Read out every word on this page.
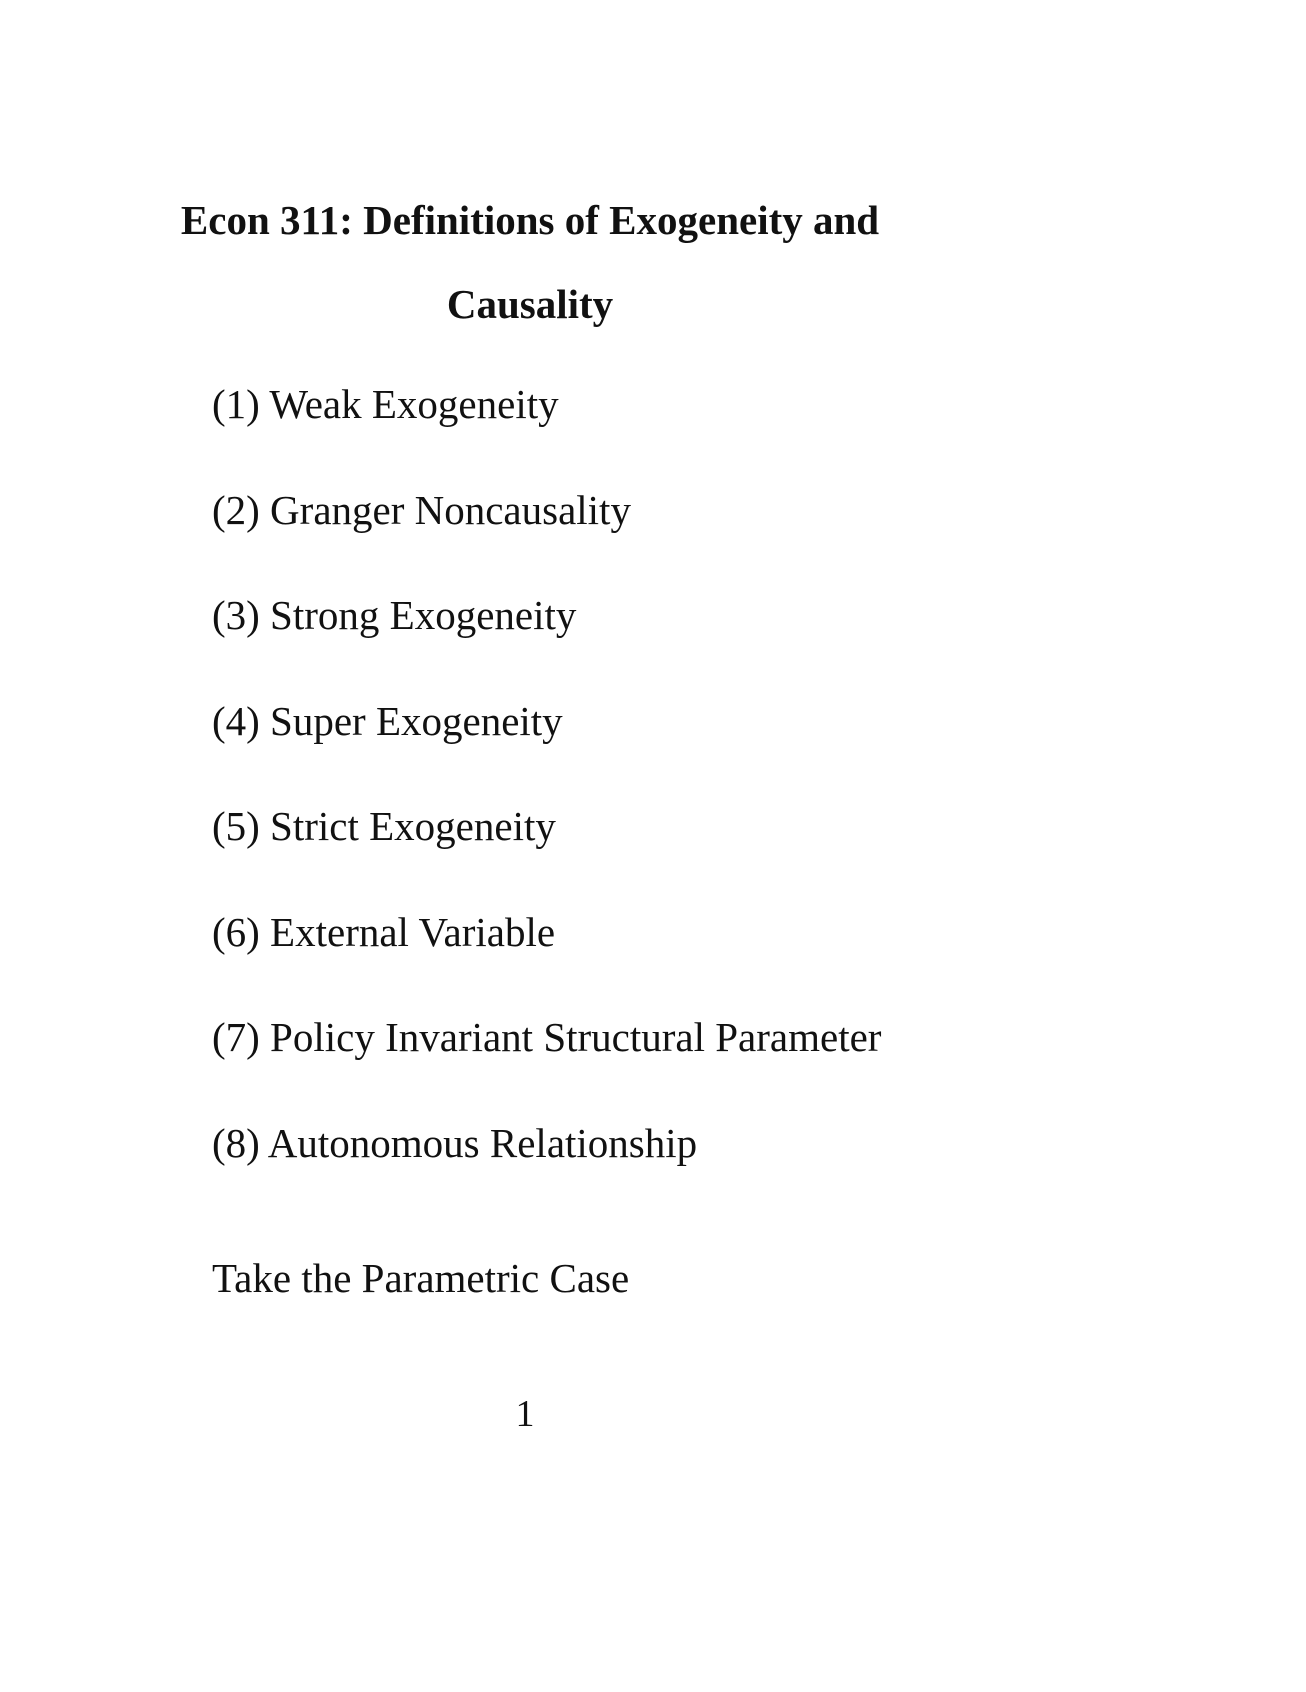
Econ 311: Definitions of Exogeneity and
Causality
(1) Weak Exogeneity
(2) Granger Noncausality
(3) Strong Exogeneity
(4) Super Exogeneity
(5) Strict Exogeneity
(6) External Variable
(7) Policy Invariant Structural Parameter
(8) Autonomous Relationship

Take the Parametric Case

1
